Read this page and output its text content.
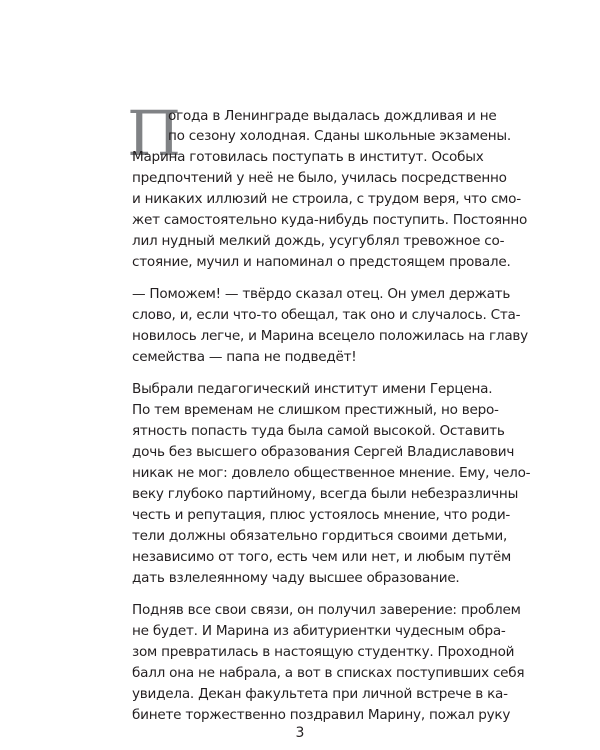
П
огода в Ленинграде выдалась дождливая и не
по сезону холодная. Сданы школьные экзамены.
Марина готовилась поступать в институт. Особых
предпочтений у неё не было, училась посредственно
и никаких иллюзий не строила, с трудом веря, что смо-
жет самостоятельно куда-нибудь поступить. Постоянно
лил нудный мелкий дождь, усугублял тревожное со-
стояние, мучил и напоминал о предстоящем провале.
— Поможем! — твёрдо сказал отец. Он умел держать
слово, и, если что-то обещал, так оно и случалось. Ста-
новилось легче, и Марина всецело положилась на главу
семейства — папа не подведёт!
Выбрали педагогический институт имени Герцена.
По тем временам не слишком престижный, но веро-
ятность попасть туда была самой высокой. Оставить
дочь без высшего образования Сергей Владиславович
никак не мог: довлело общественное мнение. Ему, чело-
веку глубоко партийному, всегда были небезразличны
честь и репутация, плюс устоялось мнение, что роди-
тели должны обязательно гордиться своими детьми,
независимо от того, есть чем или нет, и любым путём
дать взлелеянному чаду высшее образование.
Подняв все свои связи, он получил заверение: проблем
не будет. И Марина из абитуриентки чудесным обра-
зом превратилась в настоящую студентку. Проходной
балл она не набрала, а вот в списках поступивших себя
увидела. Декан факультета при личной встрече в ка-
бинете торжественно поздравил Марину, пожал руку
3
